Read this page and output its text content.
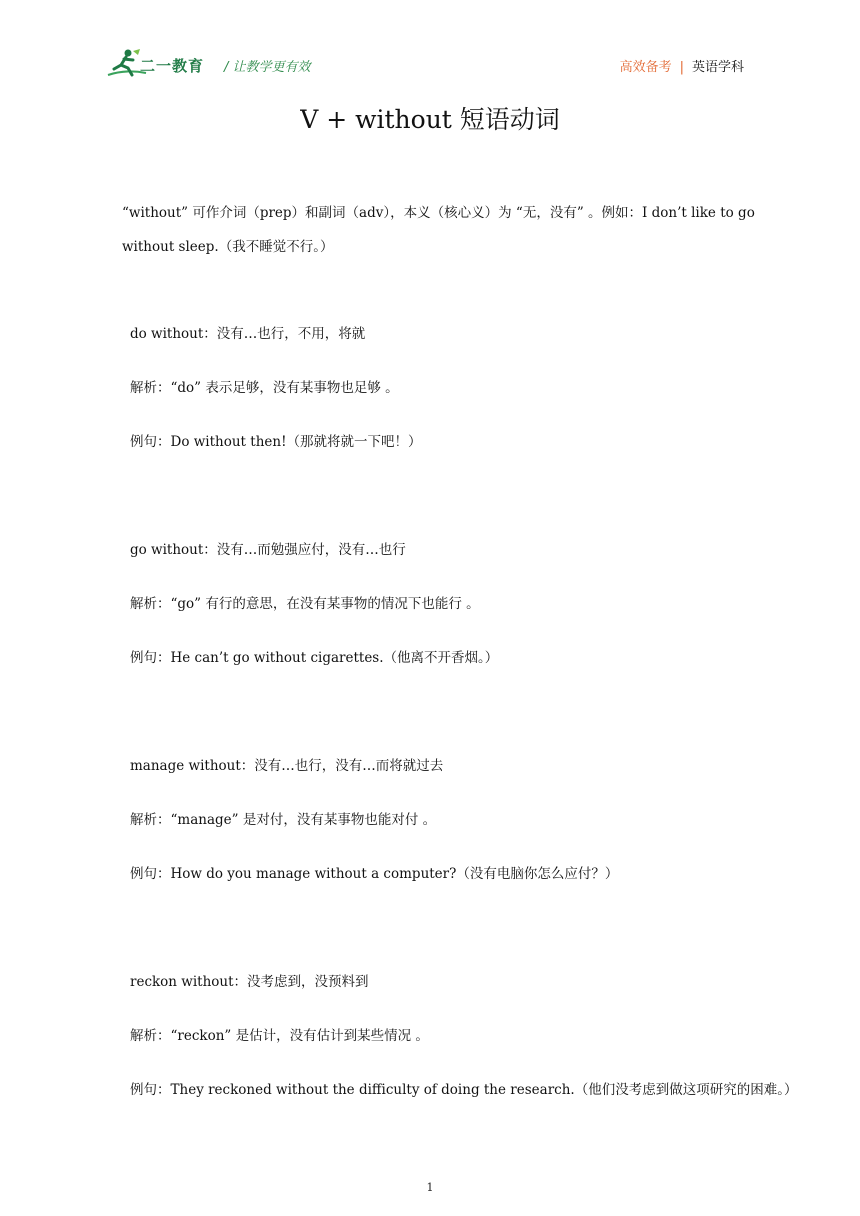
二一教育 / 让教学更有效	高效备考 | 英语学科
V + without 短语动词
“without” 可作介词（prep）和副词（adv），本义（核心义）为 “无，没有” 。例如：I don’t like to go without sleep.（我不睡觉不行。）
do without：没有…也行，不用，将就
解析：“do” 表示足够，没有某事物也足够 。
例句：Do without then!（那就将就一下吧！）
go without：没有…而勉强应付，没有…也行
解析：“go” 有行的意思，在没有某事物的情况下也能行 。
例句：He can’t go without cigarettes.（他离不开香烟。）
manage without：没有…也行，没有…而将就过去
解析：“manage” 是对付，没有某事物也能对付 。
例句：How do you manage without a computer?（没有电脑你怎么应付？）
reckon without：没考虑到，没预料到
解析：“reckon” 是估计，没有估计到某些情况 。
例句：They reckoned without the difficulty of doing the research.（他们没考虑到做这项研究的困难。）
1
